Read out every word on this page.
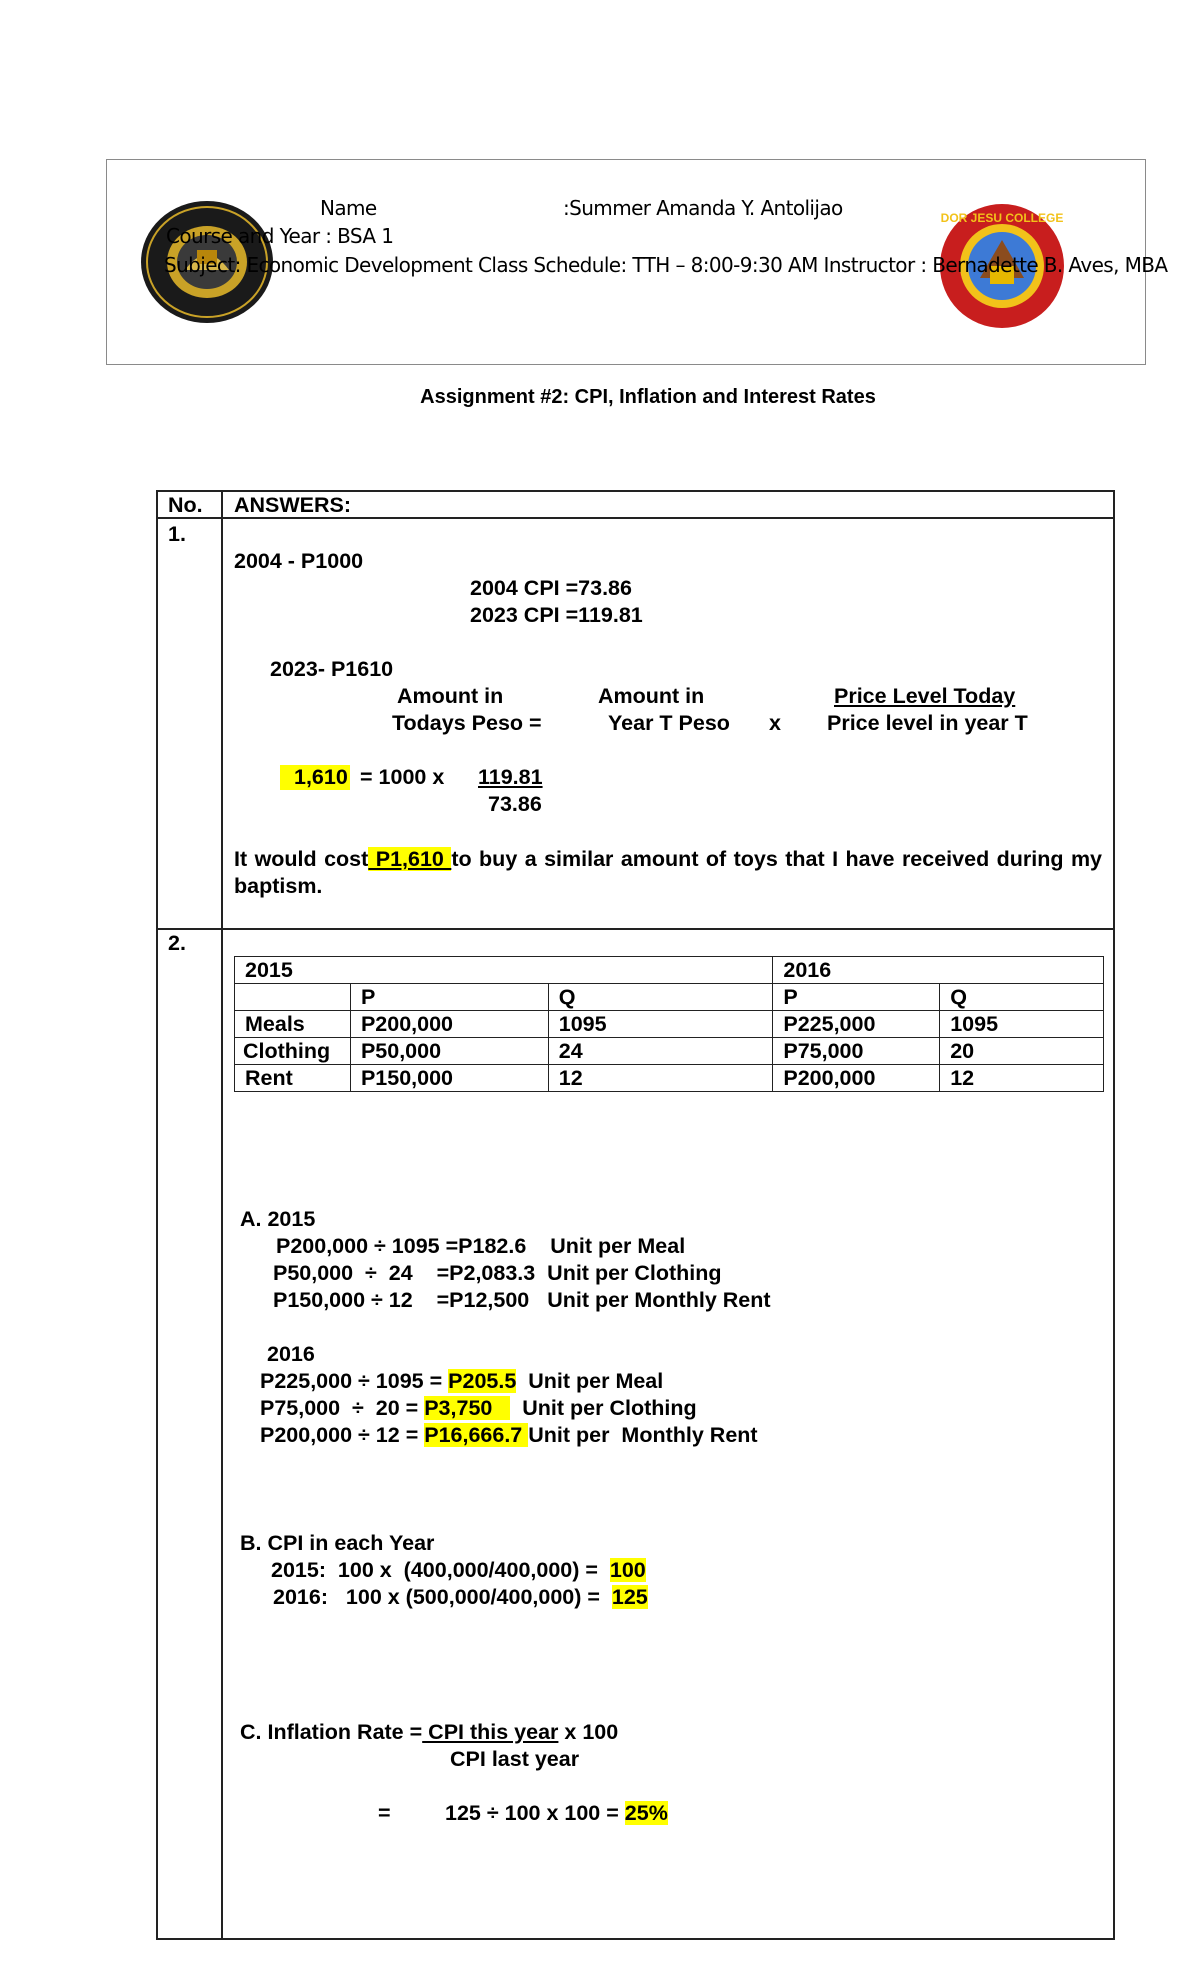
DOR JESU COLLEGE
Name	:Summer Amanda Y. Antolijao
Course and Year : BSA 1
Subject: Economic Development Class Schedule: TTH – 8:00-9:30 AM Instructor : Bernadette B. Aves, MBA
Assignment #2: CPI, Inflation and Interest Rates
No. ANSWERS:
1.
2004 - P1000
2004 CPI =73.86
2023 CPI =119.81
2023- P1610
Amount in
Todays Peso =
Amount in
Year T Peso x
Price Level Today
Price level in year T
1,610 = 1000 x 119.81
73.86
It would cost P1,610 to buy a similar amount of toys that I have received during my baptism.
2.
2015			2016	
	P	Q	P	Q
Meals	P200,000	1095	P225,000	1095
Clothing	P50,000	24	P75,000	20
Rent	P150,000	12	P200,000	12
A. 2015
P200,000 ÷ 1095 =P182.6    Unit per Meal
P50,000  ÷  24    =P2,083.3  Unit per Clothing
P150,000 ÷ 12    =P12,500   Unit per Monthly Rent
2016
P225,000 ÷ 1095 = P205.5  Unit per Meal
P75,000  ÷  20 = P3,750     Unit per Clothing
P200,000 ÷ 12 = P16,666.7 Unit per  Monthly Rent
B. CPI in each Year
2015:  100 x  (400,000/400,000) =  100
2016:   100 x (500,000/400,000) =  125
C. Inflation Rate = CPI this year x 100
CPI last year
=	125 ÷ 100 x 100 = 25%
